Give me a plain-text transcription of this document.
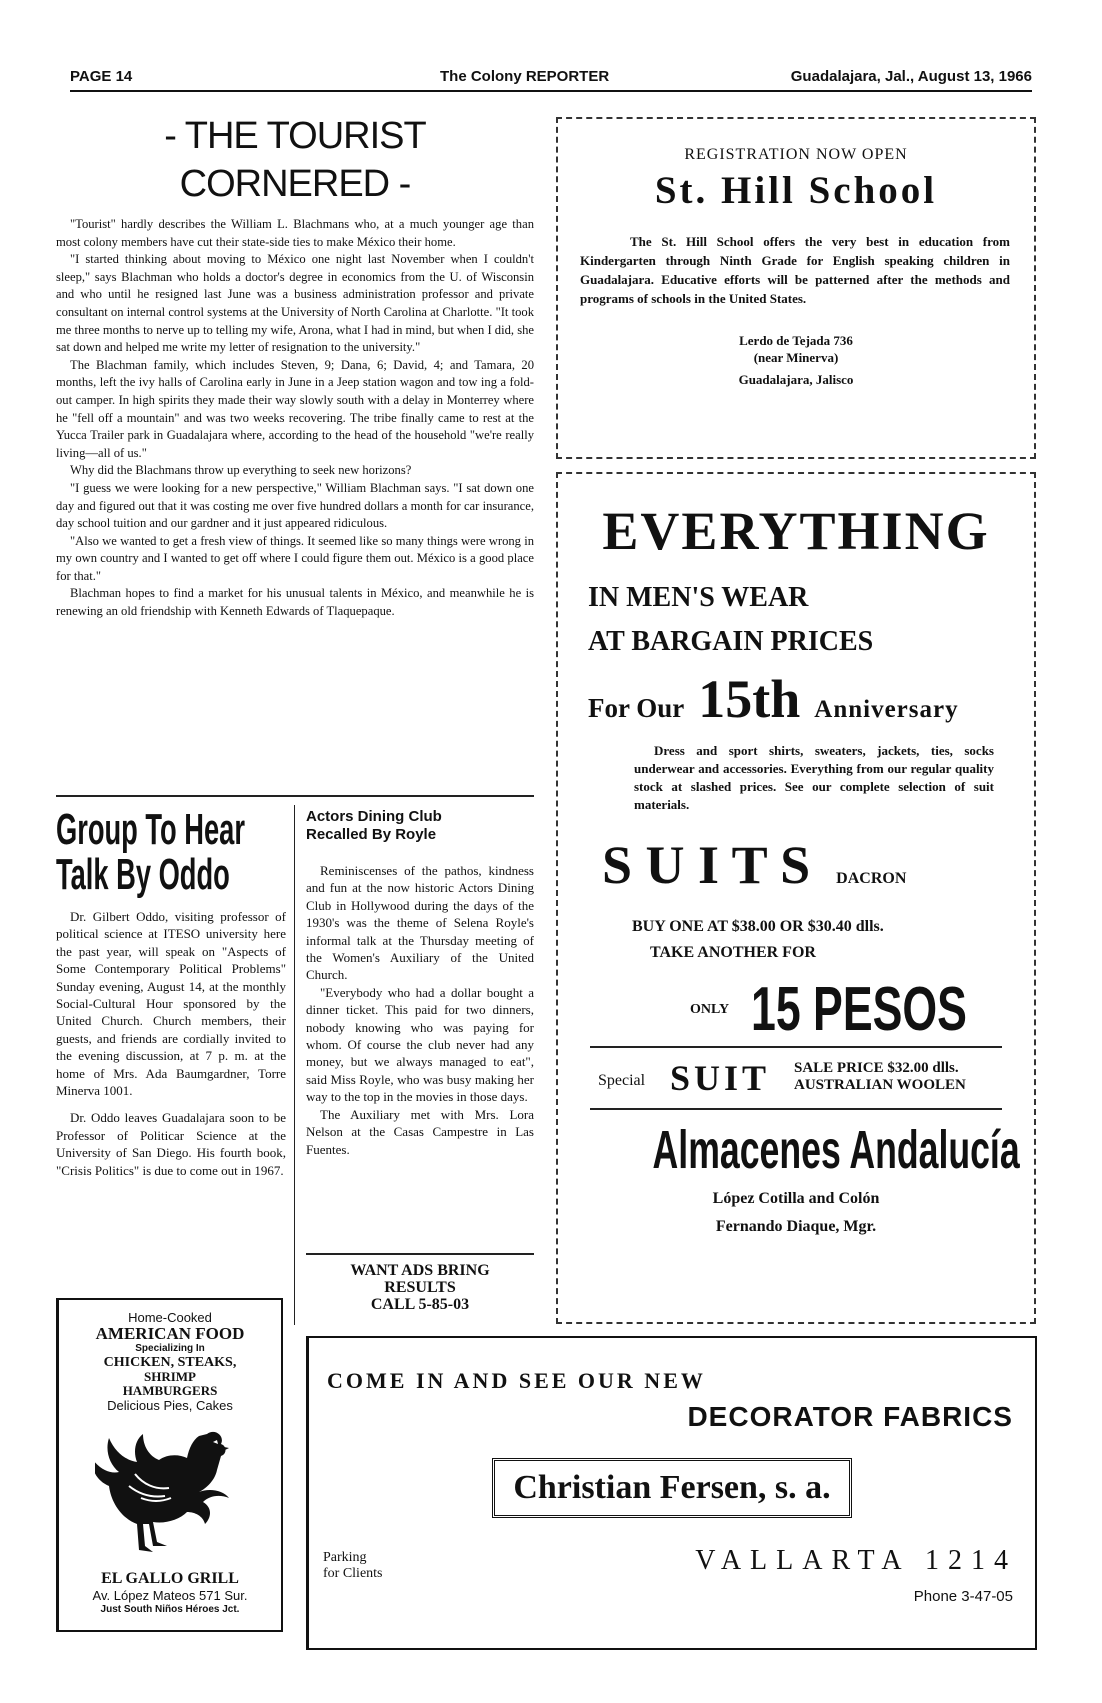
PAGE 14	The Colony REPORTER	Guadalajara, Jal., August 13, 1966
- THE TOURIST CORNERED -

"Tourist" hardly describes the William L. Blachmans who, at a much younger age than most colony members have cut their state-side ties to make México their home.

"I started thinking about moving to México one night last November when I couldn't sleep," says Blachman who holds a doctor's degree in economics from the U. of Wisconsin and who until he resigned last June was a business administration professor and private consultant on internal control systems at the University of North Carolina at Charlotte. "It took me three months to nerve up to telling my wife, Arona, what I had in mind, but when I did, she sat down and helped me write my letter of resignation to the university."

The Blachman family, which includes Steven, 9; Dana, 6; David, 4; and Tamara, 20 months, left the ivy halls of Carolina early in June in a Jeep station wagon and tow ing a fold-out camper. In high spirits they made their way slowly south with a delay in Monterrey where he "fell off a mountain" and was two weeks recovering. The tribe finally came to rest at the Yucca Trailer park in Guadalajara where, according to the head of the household "we're really living—all of us."

Why did the Blachmans throw up everything to seek new horizons?

"I guess we were looking for a new perspective," William Blachman says. "I sat down one day and figured out that it was costing me over five hundred dollars a month for car insurance, day school tuition and our gardner and it just appeared ridiculous.

"Also we wanted to get a fresh view of things. It seemed like so many things were wrong in my own country and I wanted to get off where I could figure them out. México is a good place for that."

Blachman hopes to find a market for his unusual talents in México, and meanwhile he is renewing an old friendship with Kenneth Edwards of Tlaquepaque.

Group To Hear
Talk By Oddo

Dr. Gilbert Oddo, visiting professor of political science at ITESO university here the past year, will speak on "Aspects of Some Contemporary Political Problems" Sunday evening, August 14, at the monthly Social-Cultural Hour sponsored by the United Church. Church members, their guests, and friends are cordially invited to the evening discussion, at 7 p. m. at the home of Mrs. Ada Baumgardner, Torre Minerva 1001.

Dr. Oddo leaves Guadalajara soon to be Professor of Politicar Science at the University of San Diego. His fourth book, "Crisis Politics" is due to come out in 1967.

Actors Dining Club
Recalled By Royle

Reminiscenses of the pathos, kindness and fun at the now historic Actors Dining Club in Hollywood during the days of the 1930's was the theme of Selena Royle's informal talk at the Thursday meeting of the Women's Auxiliary of the United Church.

"Everybody who had a dollar bought a dinner ticket. This paid for two dinners, nobody knowing who was paying for whom. Of course the club never had any money, but we always managed to eat", said Miss Royle, who was busy making her way to the top in the movies in those days.

The Auxiliary met with Mrs. Lora Nelson at the Casas Campestre in Las Fuentes.

WANT ADS BRING
RESULTS
CALL 5-85-03
Home-Cooked
AMERICAN FOOD
Specializing In
CHICKEN, STEAKS,
SHRIMP
HAMBURGERS
Delicious Pies, Cakes
EL GALLO GRILL
Av. López Mateos 571 Sur.
Just South Niños Héroes Jct.
REGISTRATION NOW OPEN
St. Hill School

The St. Hill School offers the very best in education from Kindergarten through Ninth Grade for English speaking children in Guadalajara. Educative efforts will be patterned after the methods and programs of schools in the United States.

Lerdo de Tejada 736
(near Minerva)
Guadalajara, Jalisco
EVERYTHING
IN MEN'S WEAR
AT BARGAIN PRICES
For Our 15th Anniversary

Dress and sport shirts, sweaters, jackets, ties, socks underwear and accessories. Everything from our regular quality stock at slashed prices. See our complete selection of suit materials.

S U I T S DACRON
BUY ONE AT $38.00 OR $30.40 dlls.
TAKE ANOTHER FOR
ONLY 15 PESOS
Special SUIT SALE PRICE $32.00 dlls.
AUSTRALIAN WOOLEN
Almacenes Andalucía
López Cotilla and Colón
Fernando Diaque, Mgr.
COME IN AND SEE OUR NEW
DECORATOR FABRICS
Christian Fersen, s. a.
Parking
for Clients	VALLARTA 1214
Phone 3-47-05
